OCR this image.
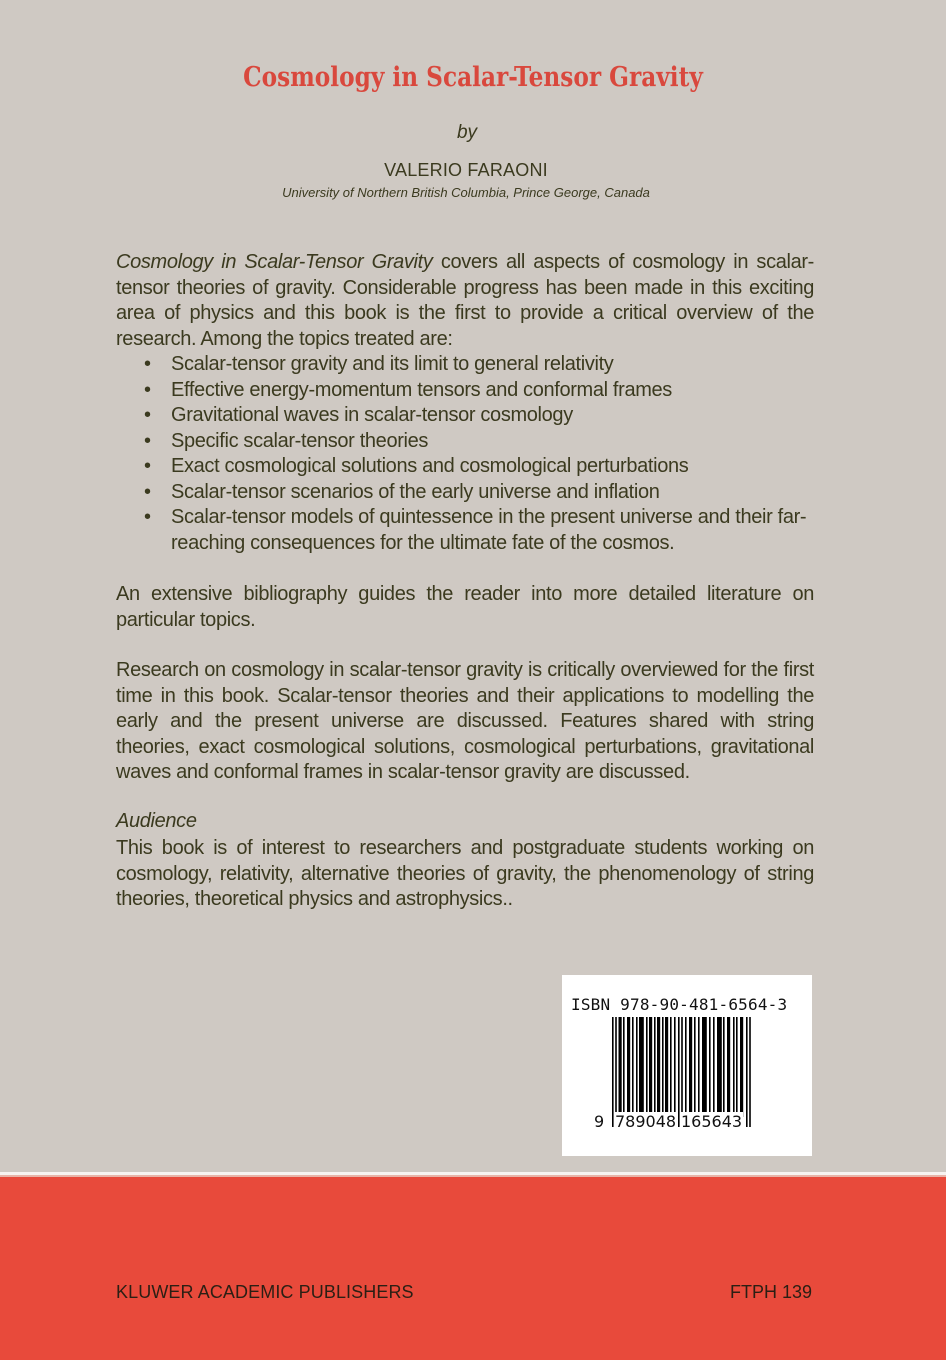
Cosmology in Scalar-Tensor Gravity
by
VALERIO FARAONI
University of Northern British Columbia, Prince George, Canada
Cosmology in Scalar-Tensor Gravity covers all aspects of cosmology in scalar-tensor theories of gravity. Considerable progress has been made in this exciting area of physics and this book is the first to provide a critical overview of the research. Among the topics treated are:
• Scalar-tensor gravity and its limit to general relativity
• Effective energy-momentum tensors and conformal frames
• Gravitational waves in scalar-tensor cosmology
• Specific scalar-tensor theories
• Exact cosmological solutions and cosmological perturbations
• Scalar-tensor scenarios of the early universe and inflation
• Scalar-tensor models of quintessence in the present universe and their far-reaching consequences for the ultimate fate of the cosmos.
An extensive bibliography guides the reader into more detailed literature on particular topics.
Research on cosmology in scalar-tensor gravity is critically overviewed for the first time in this book. Scalar-tensor theories and their applications to modelling the early and the present universe are discussed. Features shared with string theories, exact cosmological solutions, cosmological perturbations, gravitational waves and conformal frames in scalar-tensor gravity are discussed.
Audience
This book is of interest to researchers and postgraduate students working on cosmology, relativity, alternative theories of gravity, the phenomenology of string theories, theoretical physics and astrophysics..
ISBN 978-90-481-6564-3
9 789048 165643
KLUWER ACADEMIC PUBLISHERS	FTPH 139
